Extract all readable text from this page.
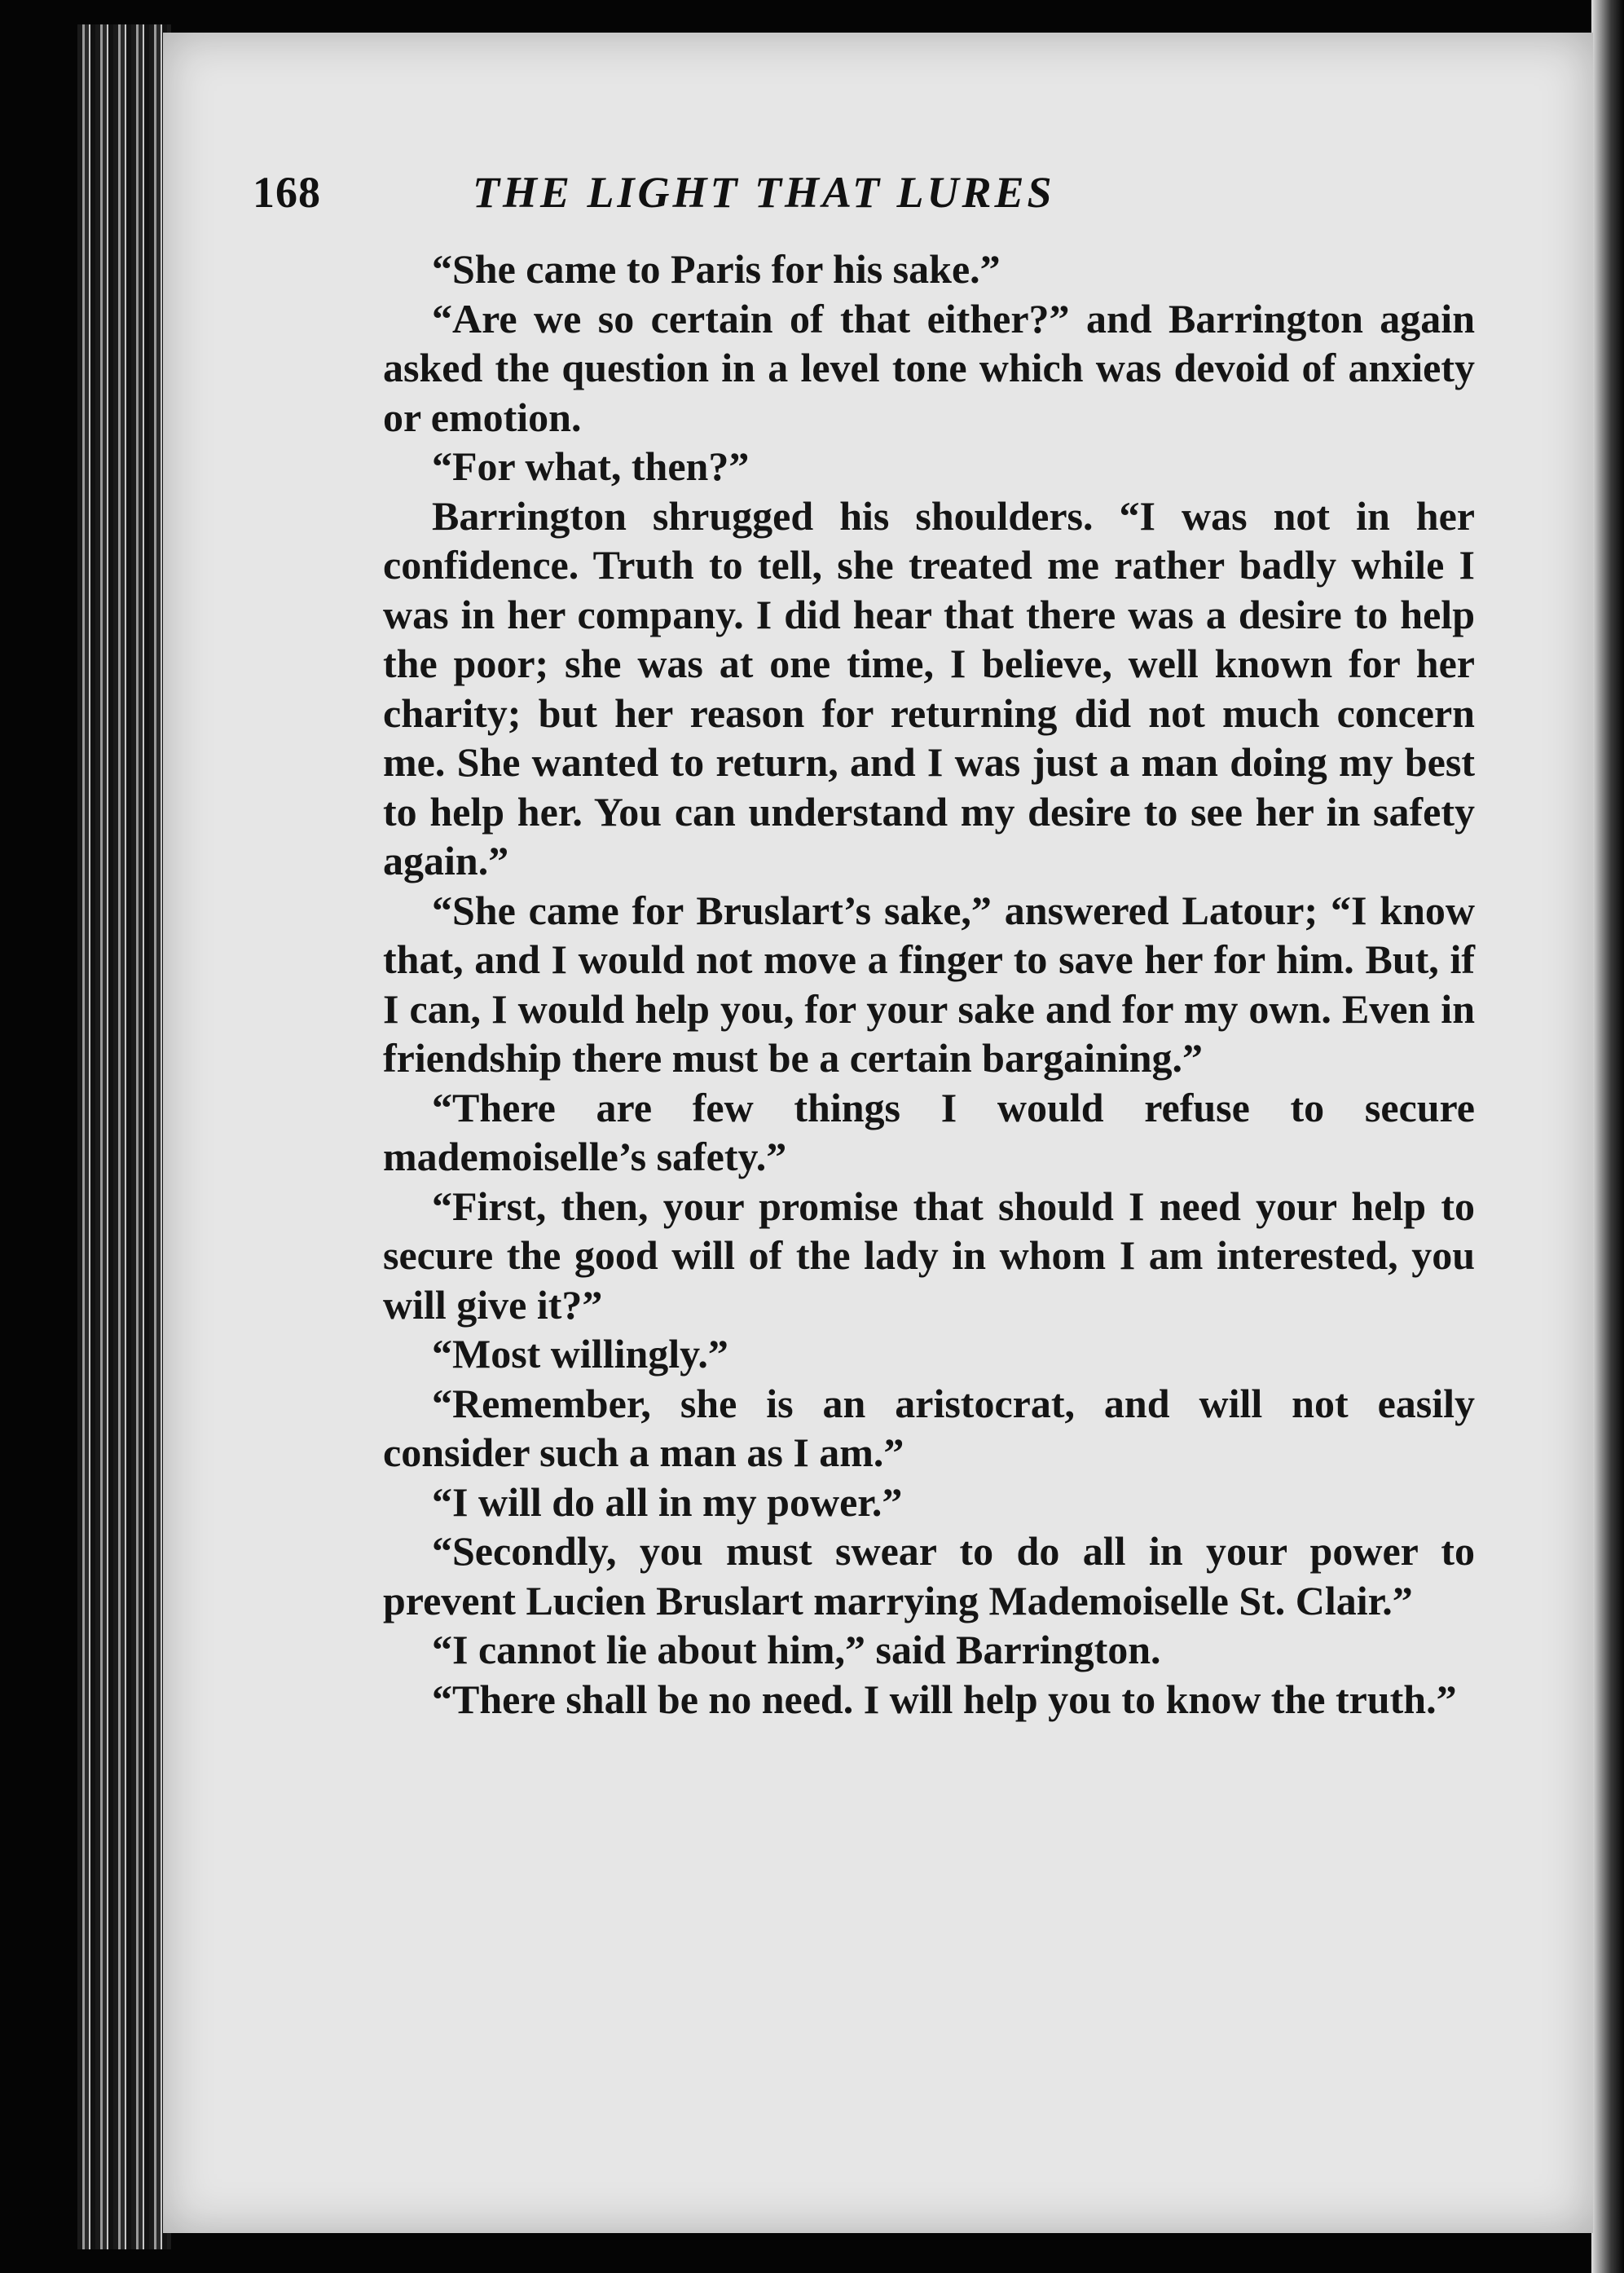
168	THE LIGHT THAT LURES

“She came to Paris for his sake.”

“Are we so certain of that either?” and Barrington again asked the question in a level tone which was devoid of anxiety or emotion.

“For what, then?”

Barrington shrugged his shoulders. “I was not in her confidence. Truth to tell, she treated me rather badly while I was in her company. I did hear that there was a desire to help the poor; she was at one time, I believe, well known for her charity; but her reason for returning did not much concern me. She wanted to return, and I was just a man doing my best to help her. You can understand my desire to see her in safety again.”

“She came for Bruslart’s sake,” answered Latour; “I know that, and I would not move a finger to save her for him. But, if I can, I would help you, for your sake and for my own. Even in friendship there must be a certain bargaining.”

“There are few things I would refuse to secure mademoiselle’s safety.”

“First, then, your promise that should I need your help to secure the good will of the lady in whom I am interested, you will give it?”

“Most willingly.”

“Remember, she is an aristocrat, and will not easily consider such a man as I am.”

“I will do all in my power.”

“Secondly, you must swear to do all in your power to prevent Lucien Bruslart marrying Mademoiselle St. Clair.”

“I cannot lie about him,” said Barrington.

“There shall be no need. I will help you to know the truth.”
